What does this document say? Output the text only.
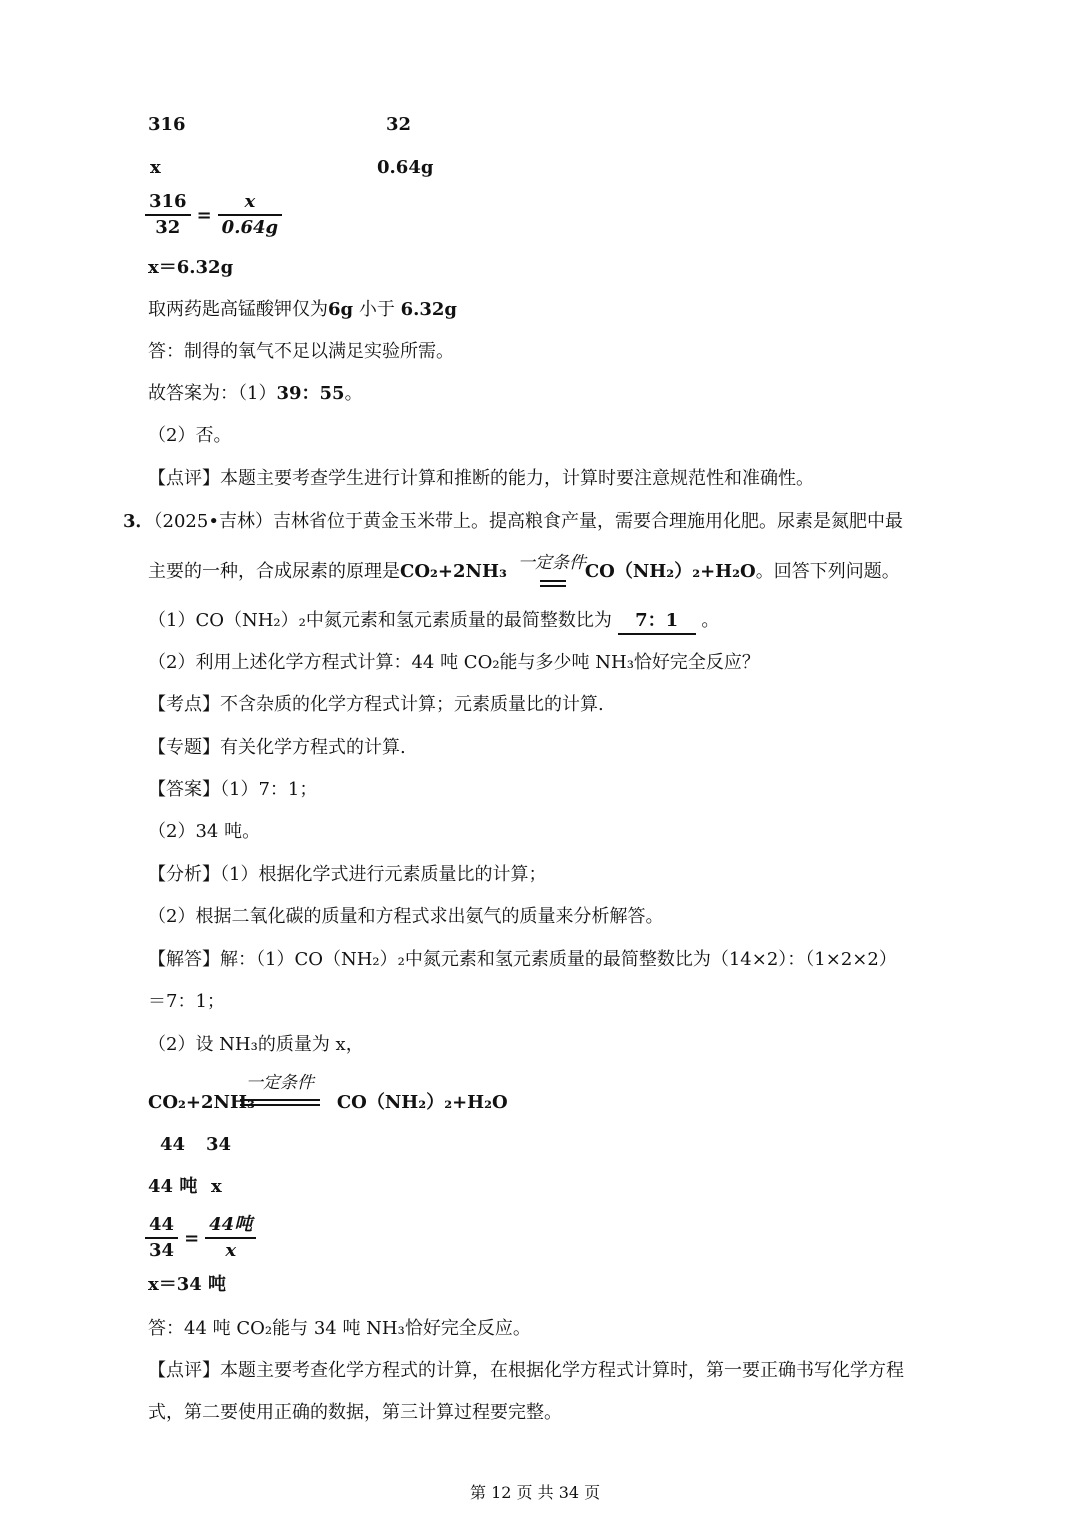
316	32
x	0.64g
$\frac{316}{32} = \frac{x}{0.64g}$
x＝6.32g
取两药匙高锰酸钾仅为6g 小于 6.32g
答：制得的氧气不足以满足实验所需。
故答案为：（1）39：55。
（2）否。
【点评】本题主要考查学生进行计算和推断的能力，计算时要注意规范性和准确性。
3．（2025•吉林）吉林省位于黄金玉米带上。提高粮食产量，需要合理施用化肥。尿素是氮肥中最
主要的一种，合成尿素的原理是CO₂+2NH₃	CO（NH₂）₂+H₂O。回答下列问题。
一定条件
（1）CO（NH₂）₂中氮元素和氢元素质量的最简整数比为 7：1 。
（2）利用上述化学方程式计算：44 吨 CO₂能与多少吨 NH₃恰好完全反应？
【考点】不含杂质的化学方程式计算；元素质量比的计算.
【专题】有关化学方程式的计算.
【答案】（1）7：1；
（2）34 吨。
【分析】（1）根据化学式进行元素质量比的计算；
（2）根据二氧化碳的质量和方程式求出氨气的质量来分析解答。
【解答】解：（1）CO（NH₂）₂中氮元素和氢元素质量的最简整数比为（14×2）：（1×2×2）
＝7：1；
（2）设 NH₃的质量为 x，
一定条件
CO₂+2NH₃	CO（NH₂）₂+H₂O
44 34
44 吨 x
$\frac{44}{34} = \frac{\text{44吨}}{x}$
x＝34 吨
答：44 吨 CO₂能与 34 吨 NH₃恰好完全反应。
【点评】本题主要考查化学方程式的计算，在根据化学方程式计算时，第一要正确书写化学方程
式，第二要使用正确的数据，第三计算过程要完整。
第 12 页 共 34 页
